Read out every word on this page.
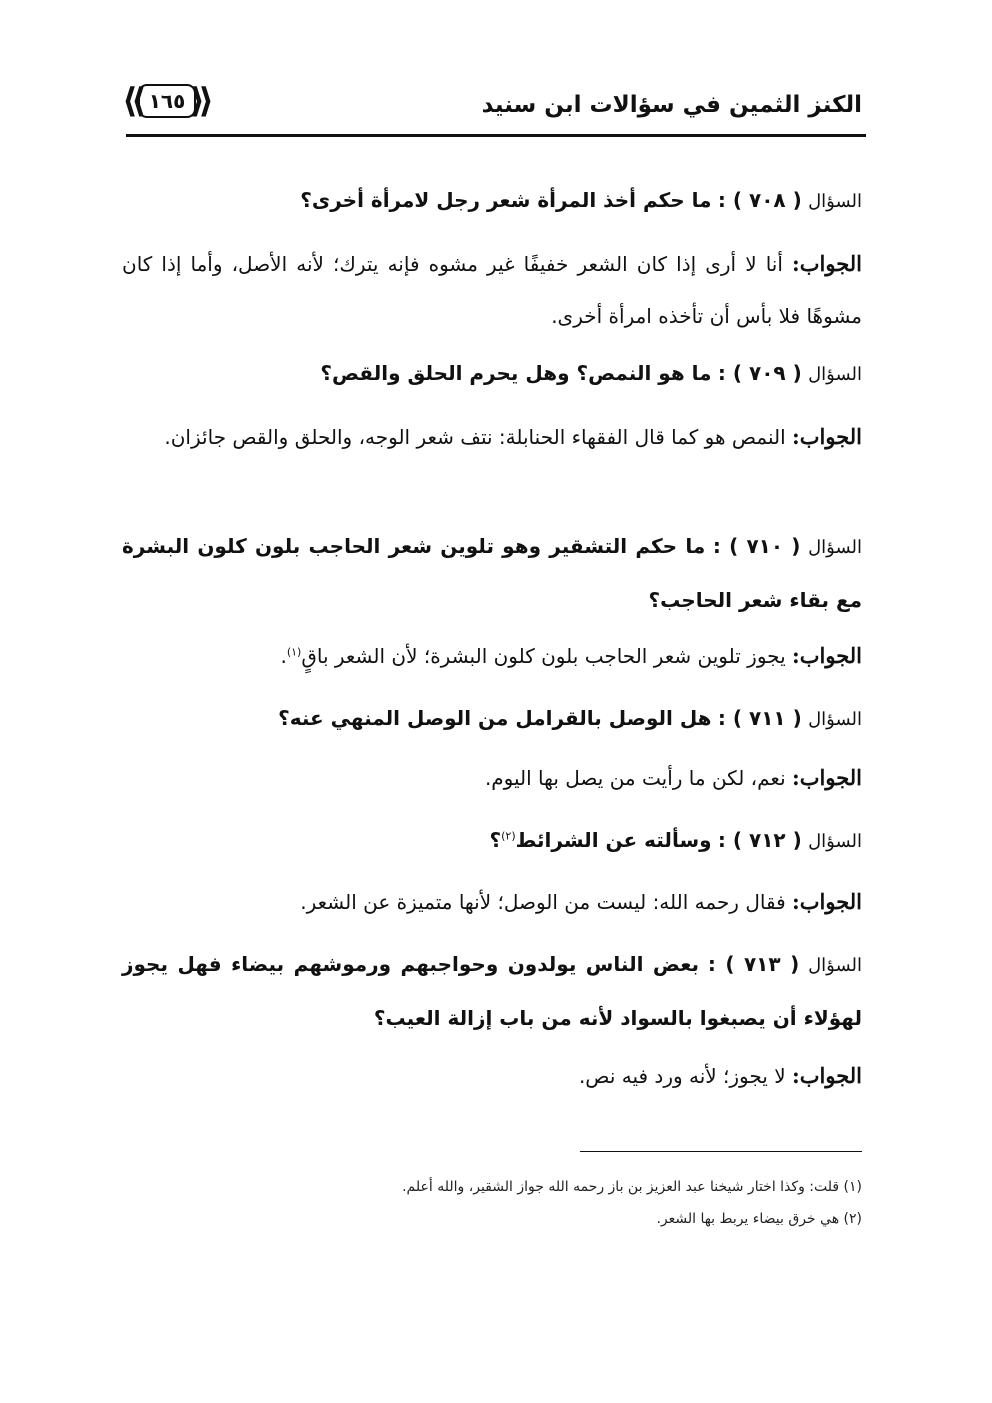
الكنز الثمين في سؤالات ابن سنيد
⟪ ١٦٥ ⟫
السؤال ( ٧٠٨ ) : ما حكم أخذ المرأة شعر رجل لامرأة أخرى؟
الجواب: أنا لا أرى إذا كان الشعر خفيفًا غير مشوه فإنه يترك؛ لأنه الأصل، وأما إذا كان مشوهًا فلا بأس أن تأخذه امرأة أخرى.
السؤال ( ٧٠٩ ) : ما هو النمص؟ وهل يحرم الحلق والقص؟
الجواب: النمص هو كما قال الفقهاء الحنابلة: نتف شعر الوجه، والحلق والقص جائزان.
السؤال ( ٧١٠ ) : ما حكم التشقير وهو تلوين شعر الحاجب بلون كلون البشرة مع بقاء شعر الحاجب؟
الجواب: يجوز تلوين شعر الحاجب بلون كلون البشرة؛ لأن الشعر باقٍ$^{(١)}$.
السؤال ( ٧١١ ) : هل الوصل بالقرامل من الوصل المنهي عنه؟
الجواب: نعم، لكن ما رأيت من يصل بها اليوم.
السؤال ( ٧١٢ ) : وسألته عن الشرائط$^{(٢)}$؟
الجواب: فقال رحمه الله: ليست من الوصل؛ لأنها متميزة عن الشعر.
السؤال ( ٧١٣ ) : بعض الناس يولدون وحواجبهم ورموشهم بيضاء فهل يجوز لهؤلاء أن يصبغوا بالسواد لأنه من باب إزالة العيب؟
الجواب: لا يجوز؛ لأنه ورد فيه نص.
(١) قلت: وكذا اختار شيخنا عبد العزيز بن باز رحمه الله جواز الشقير، والله أعلم.
(٢) هي خرق بيضاء يربط بها الشعر.
